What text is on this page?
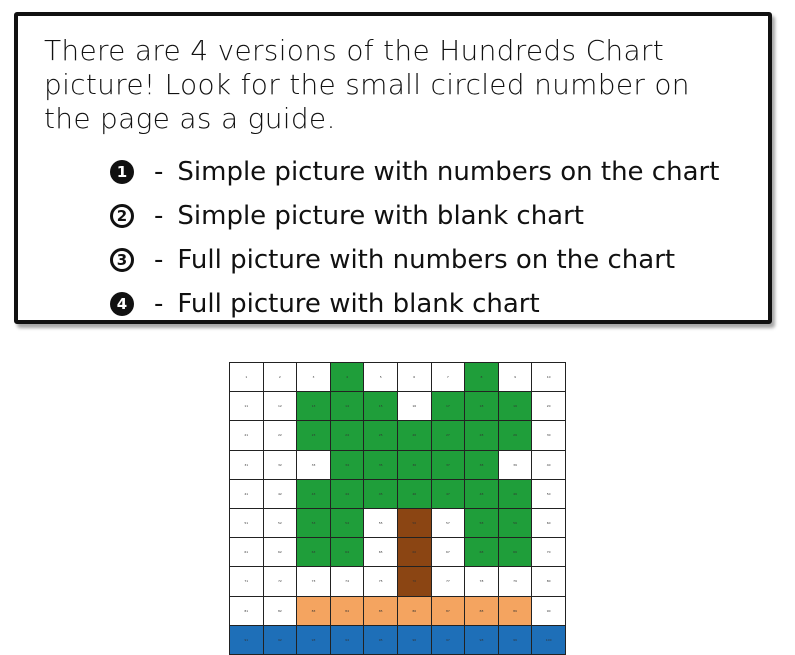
There are 4 versions of the Hundreds Chart picture! Look for the small circled number on the page as a guide.
1 - Simple picture with numbers on the chart
2 - Simple picture with blank chart
3 - Full picture with numbers on the chart
4 - Full picture with blank chart
1	2	3	4	5	6	7	8	9	10
11	12	13	14	15	16	17	18	19	20
21	22	23	24	25	26	27	28	29	30
31	32	33	34	35	36	37	38	39	40
41	42	43	44	45	46	47	48	49	50
51	52	53	54	55	56	57	58	59	60
61	62	63	64	65	66	67	68	69	70
71	72	73	74	75	76	77	78	79	80
81	82	83	84	85	86	87	88	89	90
91	92	93	94	95	96	97	98	99	100
